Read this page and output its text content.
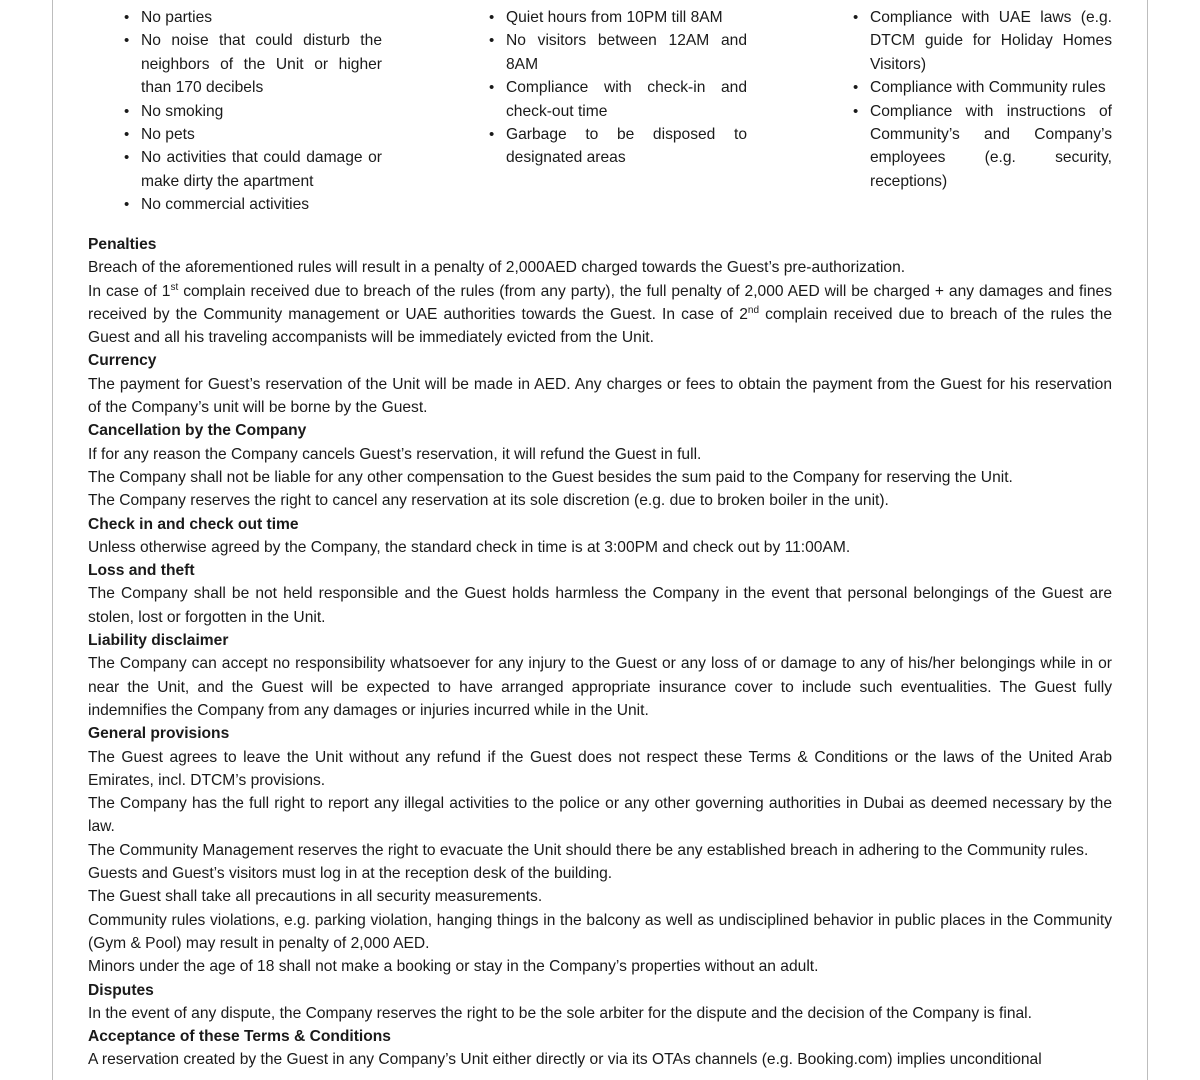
• No parties
• No noise that could disturb the neighbors of the Unit or higher than 170 decibels
• No smoking
• No pets
• No activities that could damage or make dirty the apartment
• No commercial activities
• Quiet hours from 10PM till 8AM
• No visitors between 12AM and 8AM
• Compliance with check-in and check-out time
• Garbage to be disposed to designated areas
• Compliance with UAE laws (e.g. DTCM guide for Holiday Homes Visitors)
• Compliance with Community rules
• Compliance with instructions of Community’s and Company’s employees (e.g. security, receptions)

Penalties

Breach of the aforementioned rules will result in a penalty of 2,000AED charged towards the Guest’s pre-authorization.

In case of 1st complain received due to breach of the rules (from any party), the full penalty of 2,000 AED will be charged + any damages and fines received by the Community management or UAE authorities towards the Guest. In case of 2nd complain received due to breach of the rules the Guest and all his traveling accompanists will be immediately evicted from the Unit.

Currency

The payment for Guest’s reservation of the Unit will be made in AED. Any charges or fees to obtain the payment from the Guest for his reservation of the Company’s unit will be borne by the Guest.

Cancellation by the Company

If for any reason the Company cancels Guest’s reservation, it will refund the Guest in full.

The Company shall not be liable for any other compensation to the Guest besides the sum paid to the Company for reserving the Unit.

The Company reserves the right to cancel any reservation at its sole discretion (e.g. due to broken boiler in the unit).

Check in and check out time

Unless otherwise agreed by the Company, the standard check in time is at 3:00PM and check out by 11:00AM.

Loss and theft

The Company shall be not held responsible and the Guest holds harmless the Company in the event that personal belongings of the Guest are stolen, lost or forgotten in the Unit.

Liability disclaimer

The Company can accept no responsibility whatsoever for any injury to the Guest or any loss of or damage to any of his/her belongings while in or near the Unit, and the Guest will be expected to have arranged appropriate insurance cover to include such eventualities. The Guest fully indemnifies the Company from any damages or injuries incurred while in the Unit.

General provisions

The Guest agrees to leave the Unit without any refund if the Guest does not respect these Terms & Conditions or the laws of the United Arab Emirates, incl. DTCM’s provisions.

The Company has the full right to report any illegal activities to the police or any other governing authorities in Dubai as deemed necessary by the law.

The Community Management reserves the right to evacuate the Unit should there be any established breach in adhering to the Community rules.

Guests and Guest’s visitors must log in at the reception desk of the building.

The Guest shall take all precautions in all security measurements.

Community rules violations, e.g. parking violation, hanging things in the balcony as well as undisciplined behavior in public places in the Community (Gym & Pool) may result in penalty of 2,000 AED.

Minors under the age of 18 shall not make a booking or stay in the Company’s properties without an adult.

Disputes

In the event of any dispute, the Company reserves the right to be the sole arbiter for the dispute and the decision of the Company is final.

Acceptance of these Terms & Conditions

A reservation created by the Guest in any Company’s Unit either directly or via its OTAs channels (e.g. Booking.com) implies unconditional
